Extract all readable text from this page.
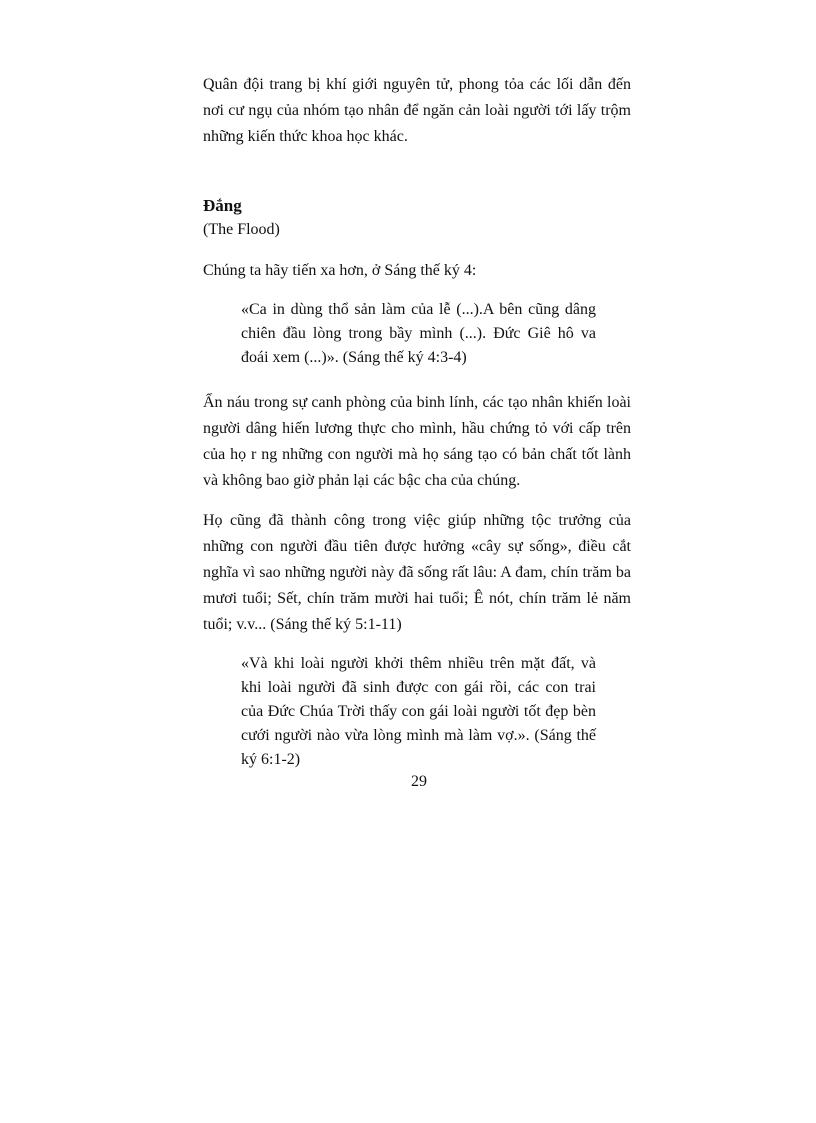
Quân đội trang bị khí giới nguyên tử, phong tỏa các lối dẫn đến nơi cư ngụ của nhóm tạo nhân để ngăn cản loài người tới lấy trộm những kiến thức khoa học khác.

Đắng
(The Flood)

Chúng ta hãy tiến xa hơn, ở Sáng thế ký 4:

«Ca in dùng thổ sản làm của lễ (...).A bên cũng dâng chiên đầu lòng trong bầy mình (...). Đức Giê hô va đoái xem (...)». (Sáng thế ký 4:3-4)

Ẩn náu trong sự canh phòng của binh lính, các tạo nhân khiến loài người dâng hiến lương thực cho mình, hầu chứng tỏ với cấp trên của họ r ng những con người mà họ sáng tạo có bản chất tốt lành và không bao giờ phản lại các bậc cha của chúng.

Họ cũng đã thành công trong việc giúp những tộc trưởng của những con người đầu tiên được hưởng «cây sự sống», điều cắt nghĩa vì sao những người này đã sống rất lâu: A đam, chín trăm ba mươi tuổi; Sết, chín trăm mười hai tuổi; Ê nót, chín trăm lẻ năm tuổi; v.v... (Sáng thế ký 5:1-11)

«Và khi loài người khởi thêm nhiều trên mặt đất, và khi loài người đã sinh được con gái rồi, các con trai của Đức Chúa Trời thấy con gái loài người tốt đẹp bèn cưới người nào vừa lòng mình mà làm vợ.». (Sáng thế ký 6:1-2)
29
